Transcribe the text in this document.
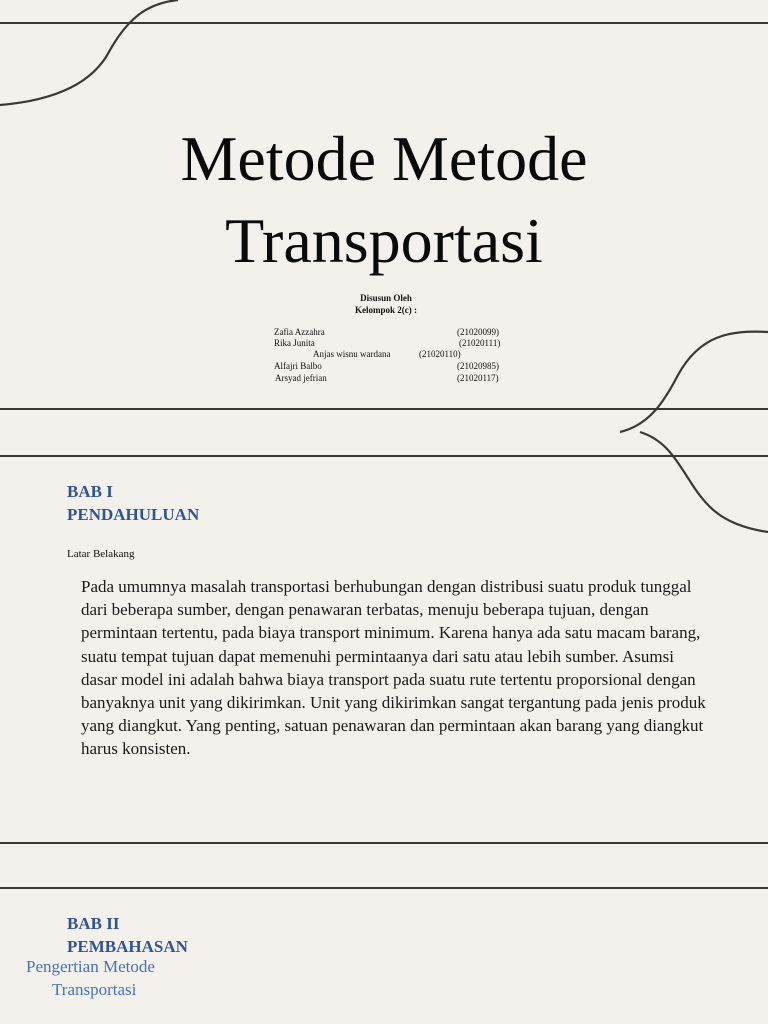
Metode Metode
Transportasi
Disusun Oleh
Kelompok 2(c) :
Zafia Azzahra	(21020099)
Rika Junita	(21020111)
Anjas wisnu wardana	(21020110)
Alfajri Balbo	(21020985)
Arsyad jefrian	(21020117)
BAB I
PENDAHULUAN
Latar Belakang
Pada umumnya masalah transportasi berhubungan dengan distribusi suatu produk tunggal dari beberapa sumber, dengan penawaran terbatas, menuju beberapa tujuan, dengan permintaan tertentu, pada biaya transport minimum. Karena hanya ada satu macam barang, suatu tempat tujuan dapat memenuhi permintaanya dari satu atau lebih sumber. Asumsi dasar model ini adalah bahwa biaya transport pada suatu rute tertentu proporsional dengan banyaknya unit yang dikirimkan. Unit yang dikirimkan sangat tergantung pada jenis produk yang diangkut. Yang penting, satuan penawaran dan permintaan akan barang yang diangkut harus konsisten.
BAB II
PEMBAHASAN
Pengertian Metode
Transportasi
